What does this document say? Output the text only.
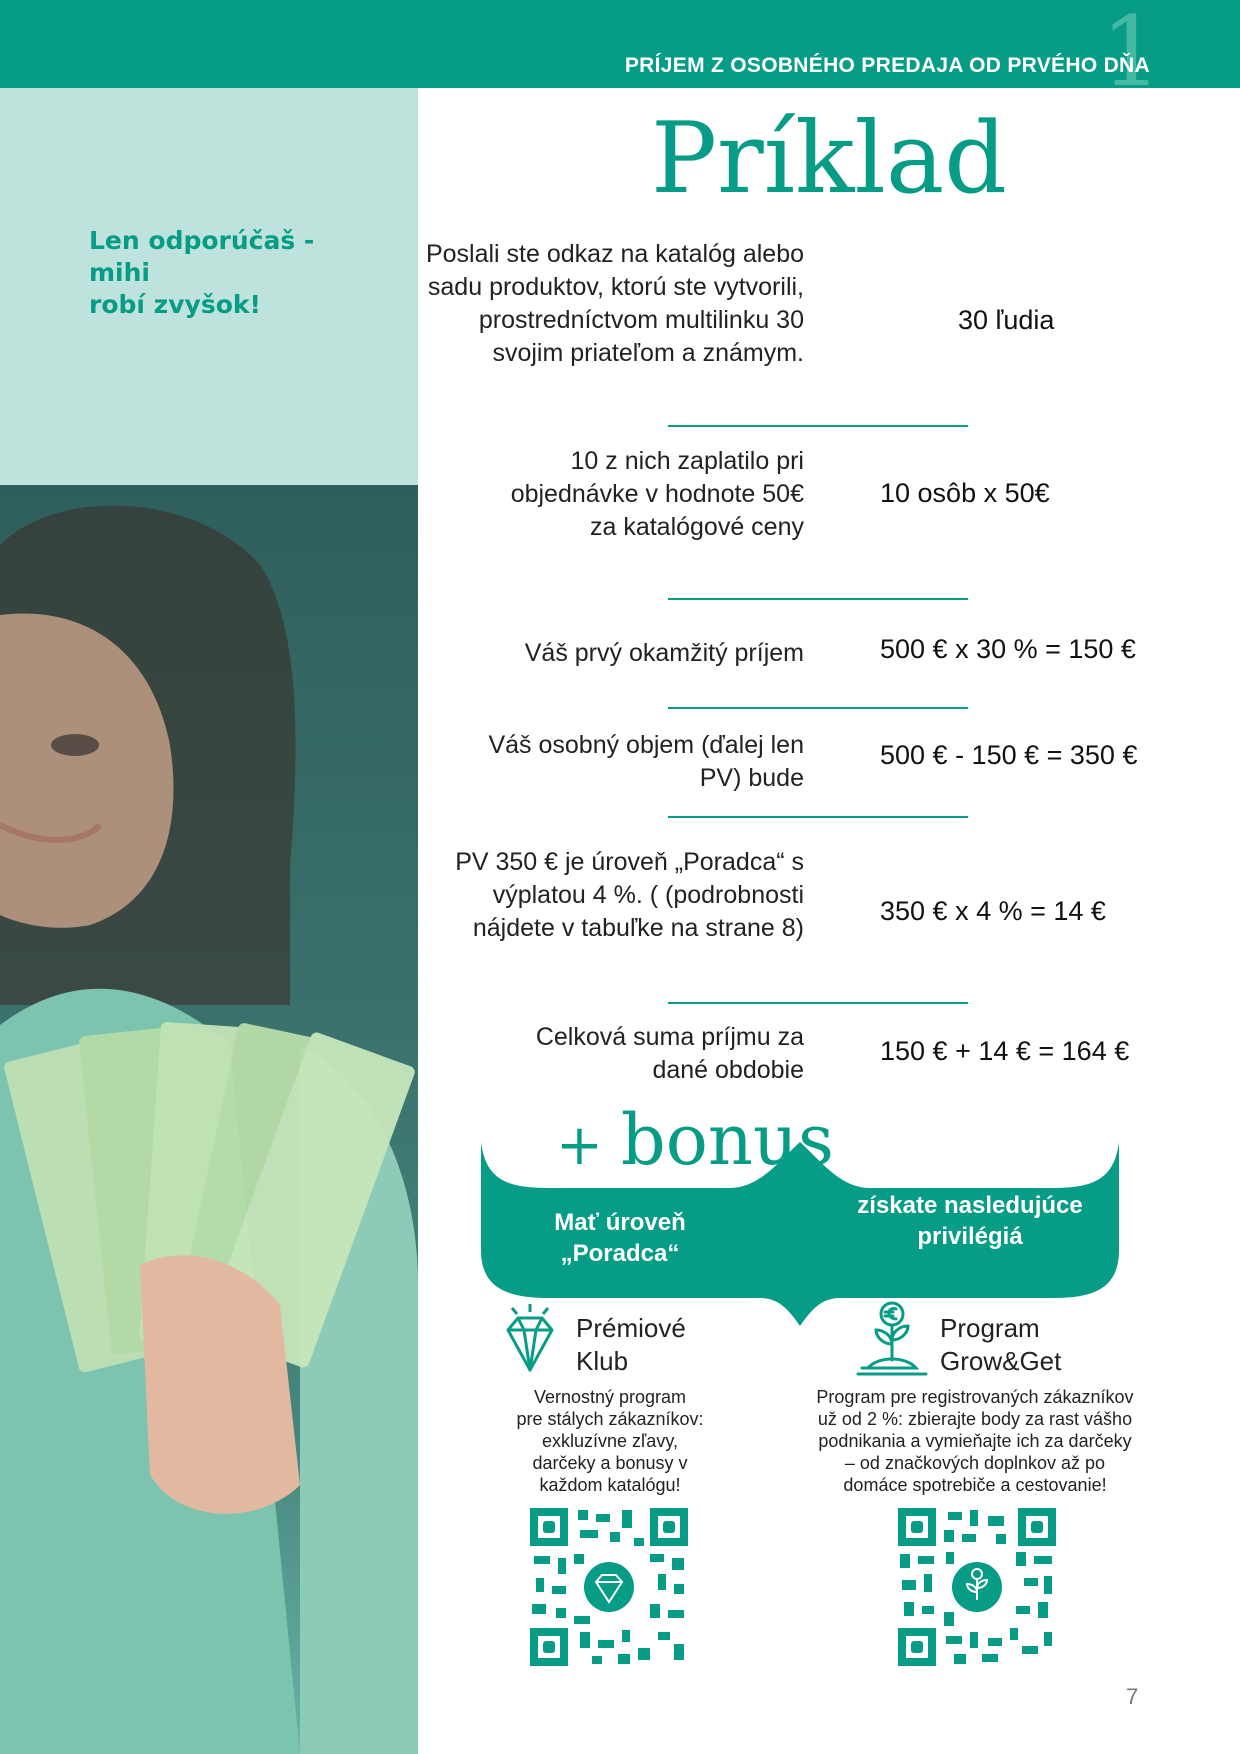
1
PRÍJEM Z OSOBNÉHO PREDAJA OD PRVÉHO DŇA
Len odporúčaš -
mihi
robí zvyšok!
Príklad
Poslali ste odkaz na katalóg alebo sadu produktov, ktorú ste vytvorili, prostredníctvom multilinku 30 svojim priateľom a známym.
30 ľudia
10 z nich zaplatilo pri objednávke v hodnote 50€ za katalógové ceny
10 osôb x 50€
Váš prvý okamžitý príjem	500 € x 30 % = 150 €
Váš osobný objem (ďalej len PV) bude
500 € - 150 € = 350 €
PV 350 € je úroveň „Poradca“ s výplatou 4 %. ( (podrobnosti nájdete v tabuľke na strane 8)
350 € x 4 % = 14 €
Celková suma príjmu za dané obdobie
150 € + 14 € = 164 €
+ bonus
Mať úroveň
„Poradca“
získate nasledujúce
privilégiá
Prémiové
Klub
Vernostný program
pre stálych zákazníkov:
exkluzívne zľavy,
darčeky a bonusy v
každom katalógu!
Program
Grow&Get
Program pre registrovaných zákazníkov
už od 2 %: zbierajte body za rast vášho
podnikania a vymieňajte ich za darčeky
– od značkových doplnkov až po
domáce spotrebiče a cestovanie!
7
